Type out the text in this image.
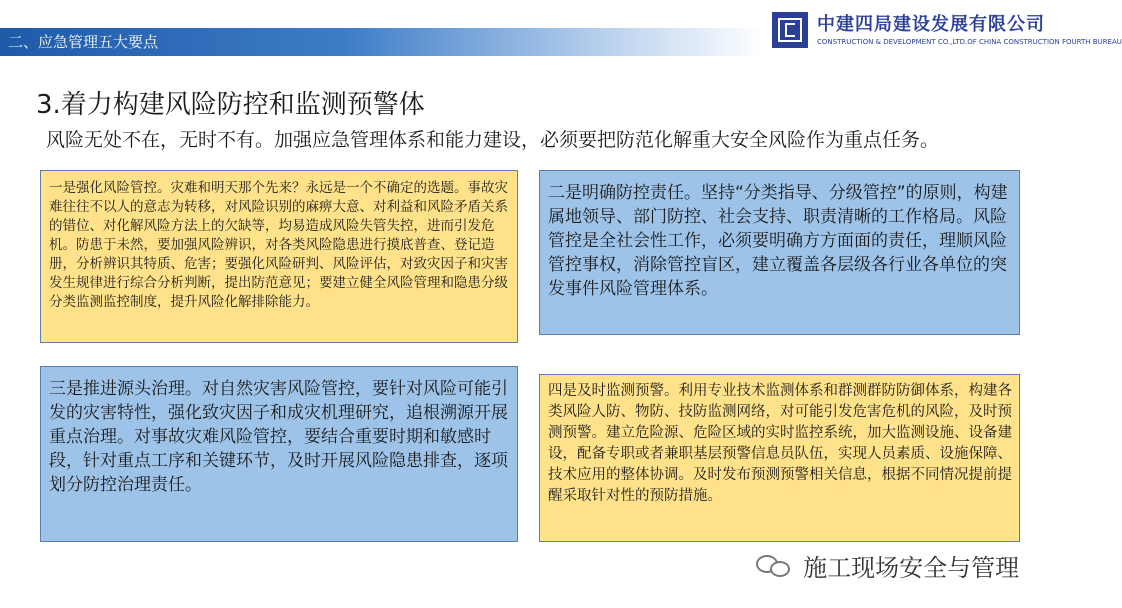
二、应急管理五大要点
中建四局建设发展有限公司
CONSTRUCTION & DEVELOPMENT CO.,LTD.OF CHINA CONSTRUCTION FOURTH BUREAU
3.着力构建风险防控和监测预警体
风险无处不在，无时不有。加强应急管理体系和能力建设，必须要把防范化解重大安全风险作为重点任务。
一是强化风险管控。灾难和明天那个先来？永远是一个不确定的选题。事故灾难往往不以人的意志为转移，对风险识别的麻痹大意、对利益和风险矛盾关系的错位、对化解风险方法上的欠缺等，均易造成风险失管失控，进而引发危机。防患于未然，要加强风险辨识，对各类风险隐患进行摸底普查、登记造册，分析辨识其特质、危害；要强化风险研判、风险评估，对致灾因子和灾害发生规律进行综合分析判断，提出防范意见；要建立健全风险管理和隐患分级分类监测监控制度，提升风险化解排除能力。
二是明确防控责任。坚持“分类指导、分级管控”的原则，构建属地领导、部门防控、社会支持、职责清晰的工作格局。风险管控是全社会性工作，必须要明确方方面面的责任，理顺风险管控事权，消除管控盲区，建立覆盖各层级各行业各单位的突发事件风险管理体系。
三是推进源头治理。对自然灾害风险管控，要针对风险可能引发的灾害特性，强化致灾因子和成灾机理研究，追根溯源开展重点治理。对事故灾难风险管控，要结合重要时期和敏感时段，针对重点工序和关键环节，及时开展风险隐患排查，逐项划分防控治理责任。
四是及时监测预警。利用专业技术监测体系和群测群防防御体系，构建各类风险人防、物防、技防监测网络，对可能引发危害危机的风险，及时预测预警。建立危险源、危险区域的实时监控系统，加大监测设施、设备建设，配备专职或者兼职基层预警信息员队伍，实现人员素质、设施保障、技术应用的整体协调。及时发布预测预警相关信息，根据不同情况提前提醒采取针对性的预防措施。
施工现场安全与管理
